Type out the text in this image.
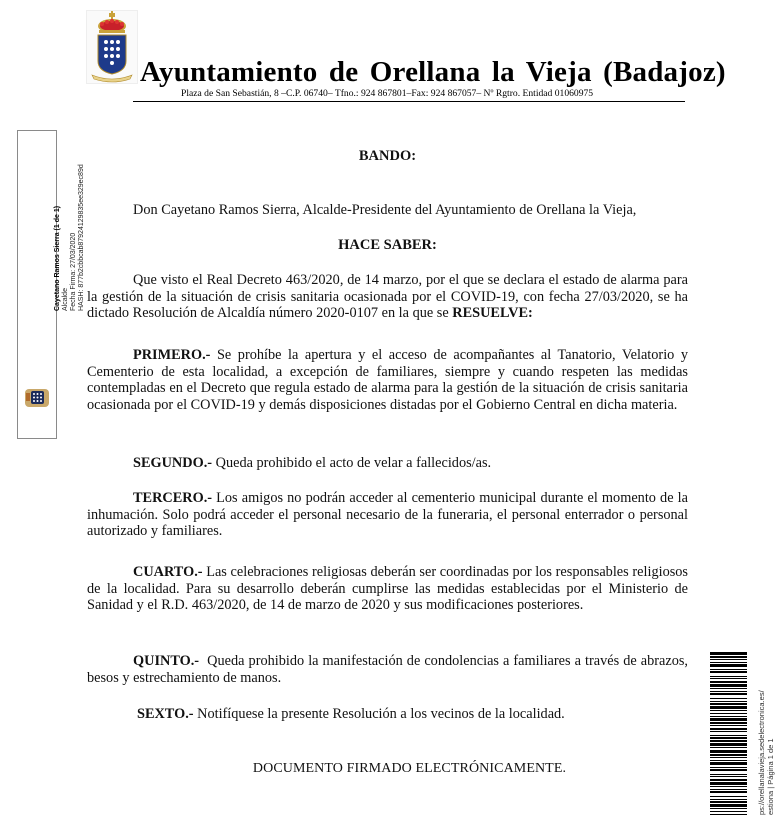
Ayuntamiento de Orellana la Vieja (Badajoz)
Plaza de San Sebastián, 8 –C.P. 06740– Tfno.: 924 867801–Fax: 924 867057– Nº Rgtro. Entidad 01060975
Cayetano Ramos Sierra (1 de 1) Alcalde Fecha Firma: 27/03/2020 HASH: 877b2cbbcab87924129835ee329ec89d
BANDO:
Don Cayetano Ramos Sierra, Alcalde-Presidente del Ayuntamiento de Orellana la Vieja,
HACE SABER:
Que visto el Real Decreto 463/2020, de 14 marzo, por el que se declara el estado de alarma para la gestión de la situación de crisis sanitaria ocasionada por el COVID-19, con fecha 27/03/2020, se ha dictado Resolución de Alcaldía número 2020-0107 en la que se RESUELVE:
PRIMERO.- Se prohíbe la apertura y el acceso de acompañantes al Tanatorio, Velatorio y Cementerio de esta localidad, a excepción de familiares, siempre y cuando respeten las medidas contempladas en el Decreto que regula estado de alarma para la gestión de la situación de crisis sanitaria ocasionada por el COVID-19 y demás disposiciones distadas por el Gobierno Central en dicha materia.
SEGUNDO.- Queda prohibido el acto de velar a fallecidos/as.
TERCERO.- Los amigos no podrán acceder al cementerio municipal durante el momento de la inhumación. Solo podrá acceder el personal necesario de la funeraria, el personal enterrador o personal autorizado y familiares.
CUARTO.- Las celebraciones religiosas deberán ser coordinadas por los responsables religiosos de la localidad. Para su desarrollo deberán cumplirse las medidas establecidas por el Ministerio de Sanidad y el R.D. 463/2020, de 14 de marzo de 2020 y sus modificaciones posteriores.
QUINTO.-  Queda prohibido la manifestación de condolencias a familiares a través de abrazos, besos y estrechamiento de manos.
SEXTO.- Notifíquese la presente Resolución a los vecinos de la localidad.
DOCUMENTO FIRMADO ELECTRÓNICAMENTE.	ps://orellanalavieja.sedelectronica.es/ estiona | Página 1 de 1
